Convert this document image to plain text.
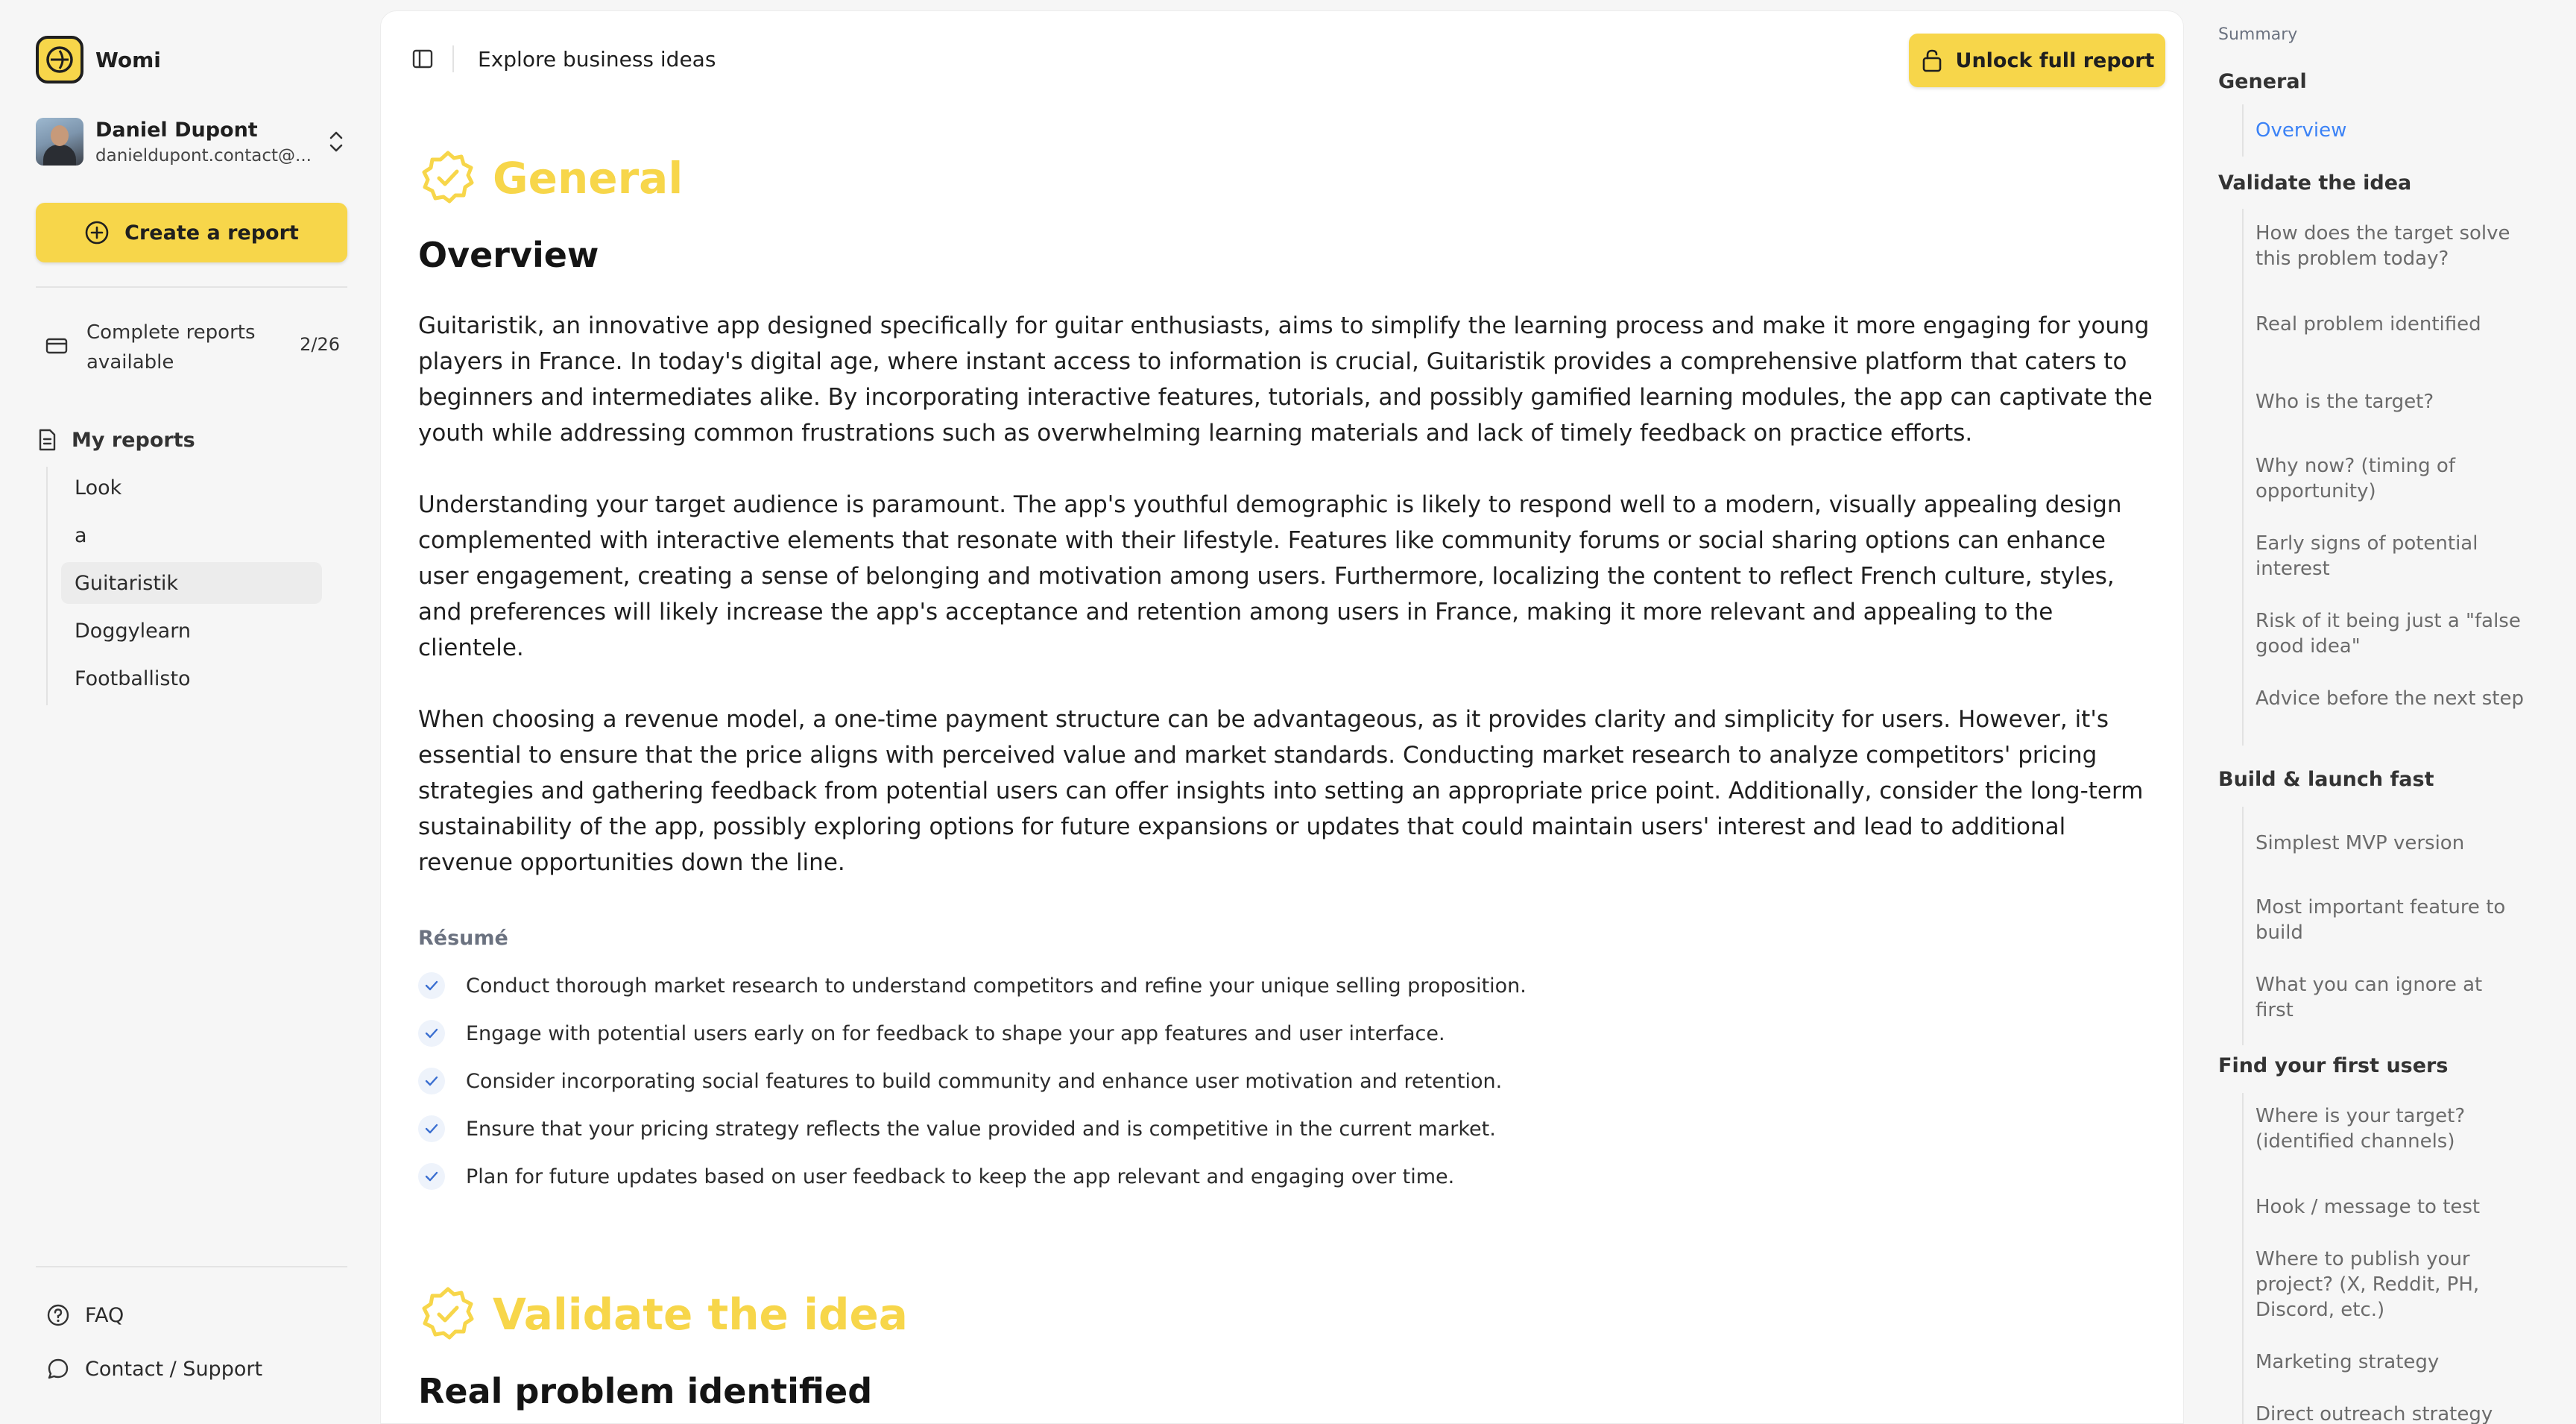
Womi
Daniel Dupont
danieldupont.contact@...
Create a report
Complete reports available
2/26
My reports
Look
a
Guitaristik
Doggylearn
Footballisto
FAQ
Contact / Support
Explore business ideas	Unlock full report
General
Overview

Guitaristik, an innovative app designed specifically for guitar enthusiasts, aims to simplify the learning process and make it more engaging for young players in France. In today's digital age, where instant access to information is crucial, Guitaristik provides a comprehensive platform that caters to beginners and intermediates alike. By incorporating interactive features, tutorials, and possibly gamified learning modules, the app can captivate the youth while addressing common frustrations such as overwhelming learning materials and lack of timely feedback on practice efforts.

Understanding your target audience is paramount. The app's youthful demographic is likely to respond well to a modern, visually appealing design complemented with interactive elements that resonate with their lifestyle. Features like community forums or social sharing options can enhance user engagement, creating a sense of belonging and motivation among users. Furthermore, localizing the content to reflect French culture, styles, and preferences will likely increase the app's acceptance and retention among users in France, making it more relevant and appealing to the clientele.

When choosing a revenue model, a one-time payment structure can be advantageous, as it provides clarity and simplicity for users. However, it's essential to ensure that the price aligns with perceived value and market standards. Conducting market research to analyze competitors' pricing strategies and gathering feedback from potential users can offer insights into setting an appropriate price point. Additionally, consider the long-term sustainability of the app, possibly exploring options for future expansions or updates that could maintain users' interest and lead to additional revenue opportunities down the line.

Résumé
Conduct thorough market research to understand competitors and refine your unique selling proposition.
Engage with potential users early on for feedback to shape your app features and user interface.
Consider incorporating social features to build community and enhance user motivation and retention.
Ensure that your pricing strategy reflects the value provided and is competitive in the current market.
Plan for future updates based on user feedback to keep the app relevant and engaging over time.
Validate the idea
Real problem identified
Summary
General
Overview
Validate the idea
How does the target solve this problem today?
Real problem identified
Who is the target?
Why now? (timing of opportunity)
Early signs of potential interest
Risk of it being just a "false good idea"
Advice before the next step
Build & launch fast
Simplest MVP version
Most important feature to build
What you can ignore at first
Find your first users
Where is your target? (identified channels)
Hook / message to test
Where to publish your project? (X, Reddit, PH, Discord, etc.)
Marketing strategy
Direct outreach strategy
